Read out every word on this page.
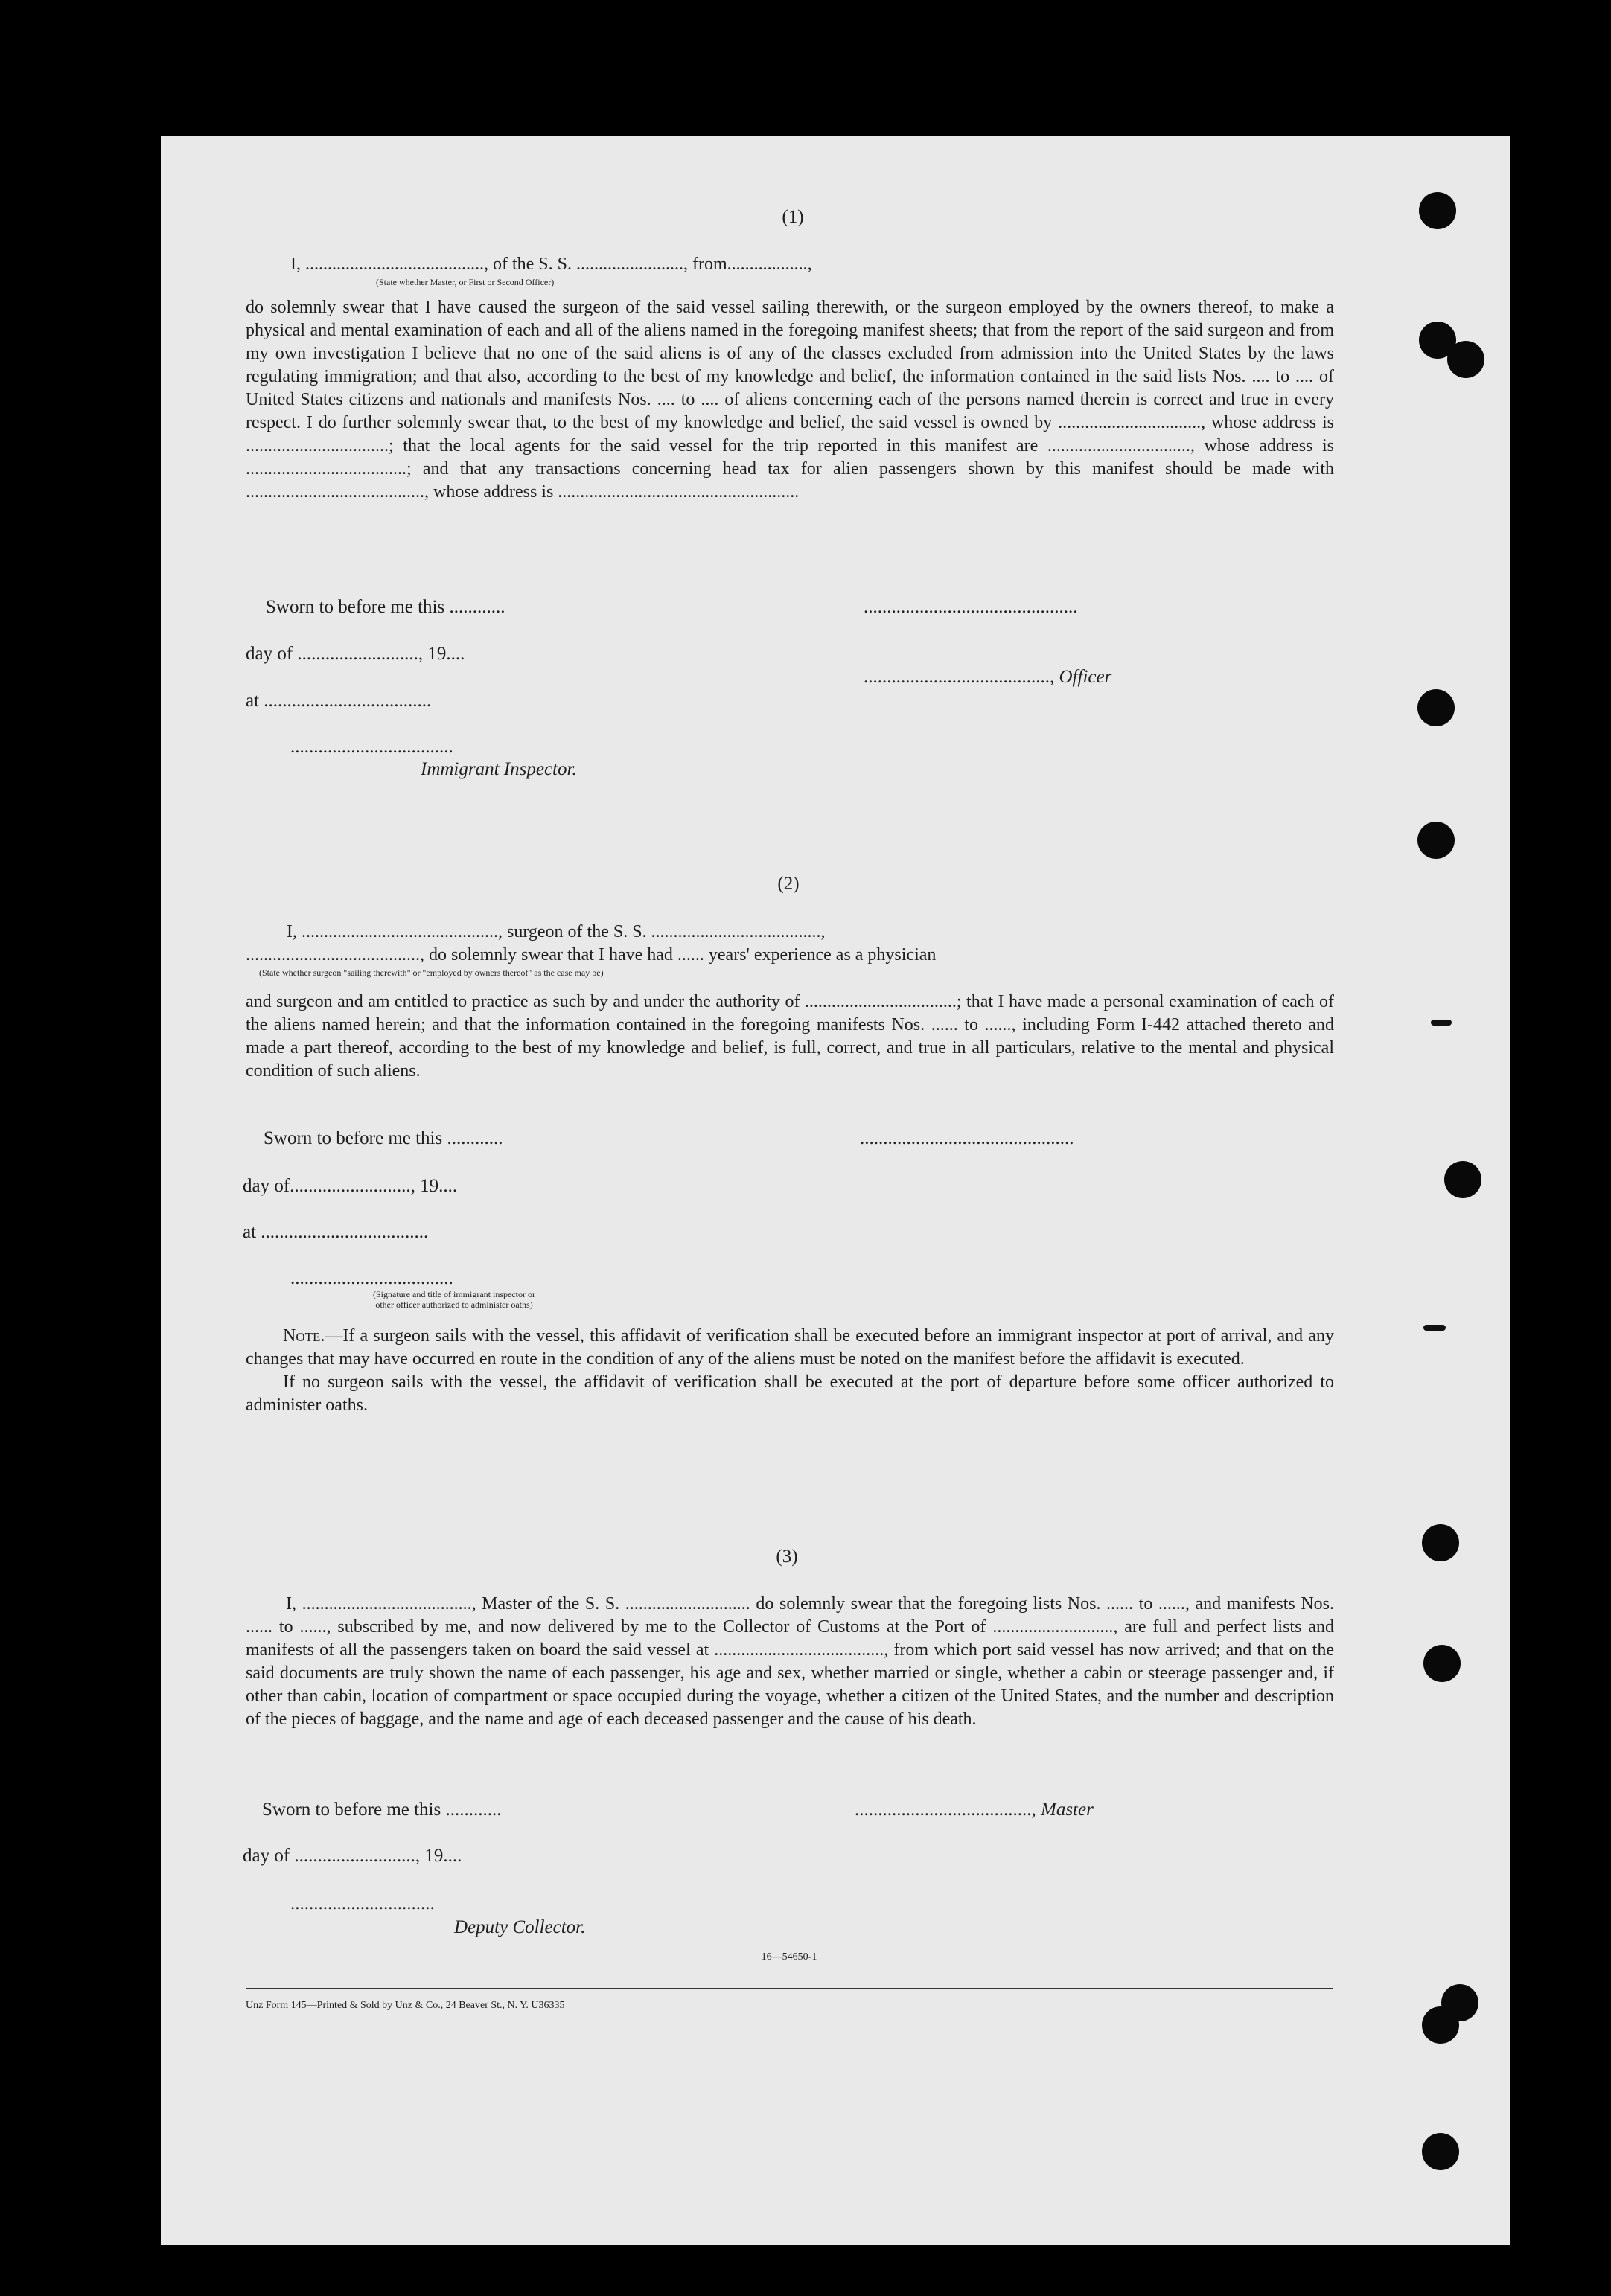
(1)
I, ........................................, of the S. S. ........................, from..................,
(State whether Master, or First or Second Officer)
do solemnly swear that I have caused the surgeon of the said vessel sailing therewith, or the surgeon employed by the owners thereof, to make a physical and mental examination of each and all of the aliens named in the foregoing manifest sheets; that from the report of the said surgeon and from my own investigation I believe that no one of the said aliens is of any of the classes excluded from admission into the United States by the laws regulating immigration; and that also, according to the best of my knowledge and belief, the information contained in the said lists Nos. .... to .... of United States citizens and nationals and manifests Nos. .... to .... of aliens concerning each of the persons named therein is correct and true in every respect. I do further solemnly swear that, to the best of my knowledge and belief, the said vessel is owned by ................................, whose address is ................................; that the local agents for the said vessel for the trip reported in this manifest are ................................, whose address is ....................................; and that any transactions concerning head tax for alien passengers shown by this manifest should be made with ........................................, whose address is ......................................................
Sworn to before me this ............	..............................................
day of .........................., 19....
........................................, Officer
at ....................................
...................................
Immigrant Inspector.
(2)
I, ............................................, surgeon of the S. S. ......................................,
......................................., do solemnly swear that I have had ...... years' experience as a physician
(State whether surgeon "sailing therewith" or "employed by owners thereof" as the case may be)
and surgeon and am entitled to practice as such by and under the authority of ..................................; that I have made a personal examination of each of the aliens named herein; and that the information contained in the foregoing manifests Nos. ...... to ......, including Form I-442 attached thereto and made a part thereof, according to the best of my knowledge and belief, is full, correct, and true in all particulars, relative to the mental and physical condition of such aliens.
Sworn to before me this ............	..............................................
day of.........................., 19....
at ....................................
...................................
(Signature and title of immigrant inspector or
other officer authorized to administer oaths)

Note.—If a surgeon sails with the vessel, this affidavit of verification shall be executed before an immigrant inspector at port of arrival, and any changes that may have occurred en route in the condition of any of the aliens must be noted on the manifest before the affidavit is executed.

If no surgeon sails with the vessel, the affidavit of verification shall be executed at the port of departure before some officer authorized to administer oaths.

(3)
I, ......................................, Master of the S. S. ............................ do solemnly swear that the foregoing lists Nos. ...... to ......, and manifests Nos. ...... to ......, subscribed by me, and now delivered by me to the Collector of Customs at the Port of ..........................., are full and perfect lists and manifests of all the passengers taken on board the said vessel at ......................................, from which port said vessel has now arrived; and that on the said documents are truly shown the name of each passenger, his age and sex, whether married or single, whether a cabin or steerage passenger and, if other than cabin, location of compartment or space occupied during the voyage, whether a citizen of the United States, and the number and description of the pieces of baggage, and the name and age of each deceased passenger and the cause of his death.
Sworn to before me this ............	......................................, Master
day of .........................., 19....
...............................
Deputy Collector.
16—54650-1
Unz Form 145—Printed & Sold by Unz & Co., 24 Beaver St., N. Y. U36335
